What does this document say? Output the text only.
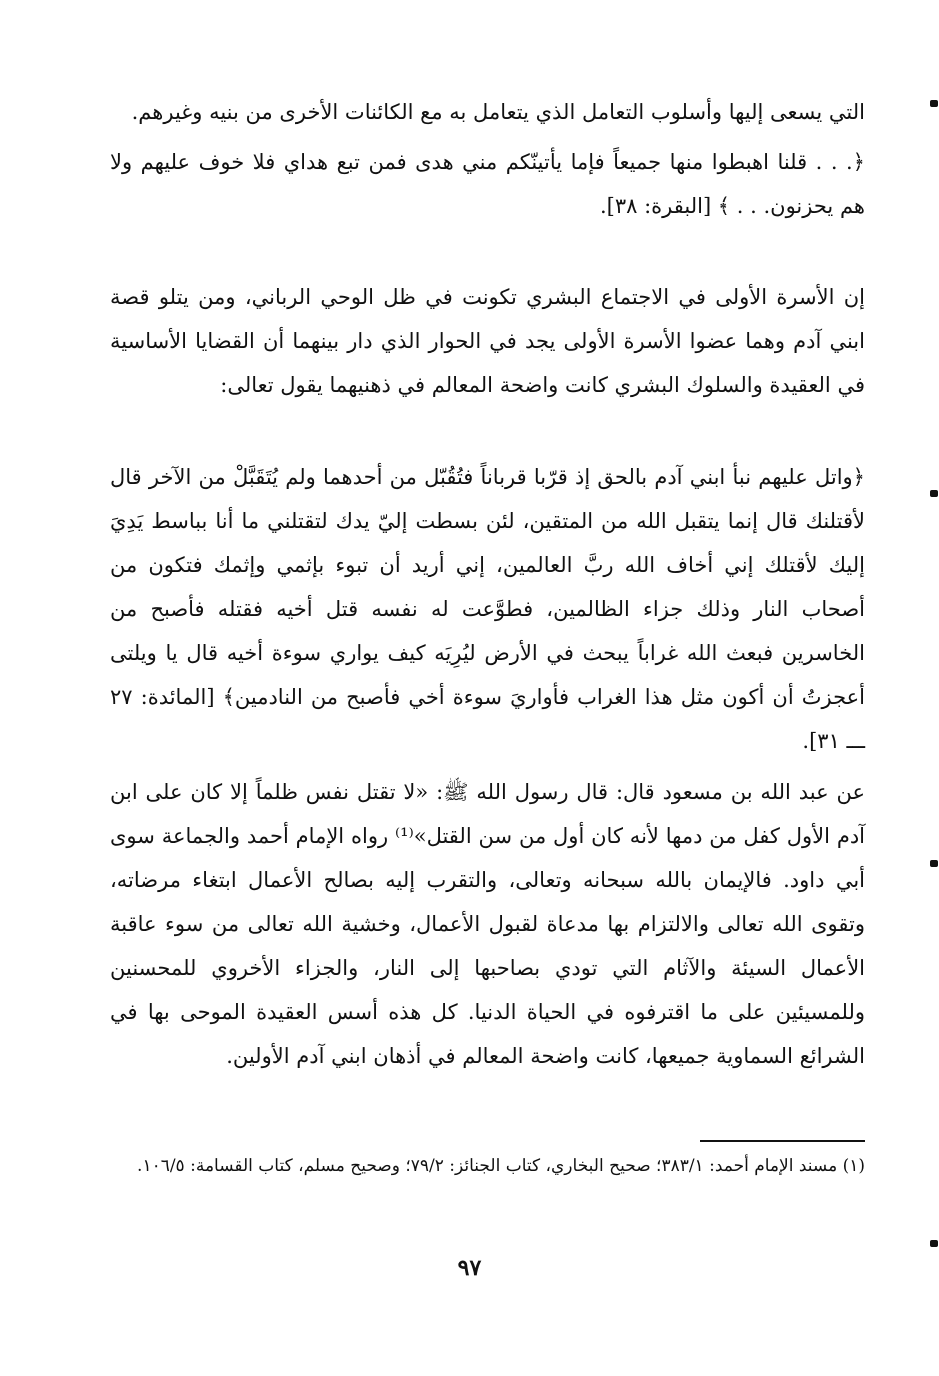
التي يسعى إليها وأسلوب التعامل الذي يتعامل به مع الكائنات الأخرى من بنيه وغيرهم.

﴿. . . قلنا اهبطوا منها جميعاً فإما يأتينّكم مني هدى فمن تبع هداي فلا خوف عليهم ولا هم يحزنون. . . ﴾ [البقرة: ٣٨].

إن الأسرة الأولى في الاجتماع البشري تكونت في ظل الوحي الرباني، ومن يتلو قصة ابني آدم وهما عضوا الأسرة الأولى يجد في الحوار الذي دار بينهما أن القضايا الأساسية في العقيدة والسلوك البشري كانت واضحة المعالم في ذهنيهما يقول تعالى:

﴿واتل عليهم نبأ ابني آدم بالحق إذ قرّبا قرباناً فتُقُبّل من أحدهما ولم يُتَقَبَّلْ من الآخر قال لأقتلنك قال إنما يتقبل الله من المتقين، لئن بسطت إليّ يدك لتقتلني ما أنا بباسط يَدِيَ إليك لأقتلك إني أخاف الله ربَّ العالمين، إني أريد أن تبوء بإثمي وإثمك فتكون من أصحاب النار وذلك جزاء الظالمين، فطوَّعت له نفسه قتل أخيه فقتله فأصبح من الخاسرين فبعث الله غراباً يبحث في الأرض ليُرِيَه كيف يواري سوءة أخيه قال يا ويلتى أعجزتُ أن أكون مثل هذا الغراب فأواريَ سوءة أخي فأصبح من النادمين﴾ [المائدة: ٢٧ ـــ ٣١].

عن عبد الله بن مسعود قال: قال رسول الله ﷺ: «لا تقتل نفس ظلماً إلا كان على ابن آدم الأول كفل من دمها لأنه كان أول من سن القتل»⁽¹⁾ رواه الإمام أحمد والجماعة سوى أبي داود. فالإيمان بالله سبحانه وتعالى، والتقرب إليه بصالح الأعمال ابتغاء مرضاته، وتقوى الله تعالى والالتزام بها مدعاة لقبول الأعمال، وخشية الله تعالى من سوء عاقبة الأعمال السيئة والآثام التي تودي بصاحبها إلى النار، والجزاء الأخروي للمحسنين وللمسيئين على ما اقترفوه في الحياة الدنيا. كل هذه أسس العقيدة الموحى بها في الشرائع السماوية جميعها، كانت واضحة المعالم في أذهان ابني آدم الأولين.

(١) مسند الإمام أحمد: ٣٨٣/١؛ صحيح البخاري، كتاب الجنائز: ٧٩/٢؛ وصحيح مسلم، كتاب القسامة: ١٠٦/٥.
٩٧
